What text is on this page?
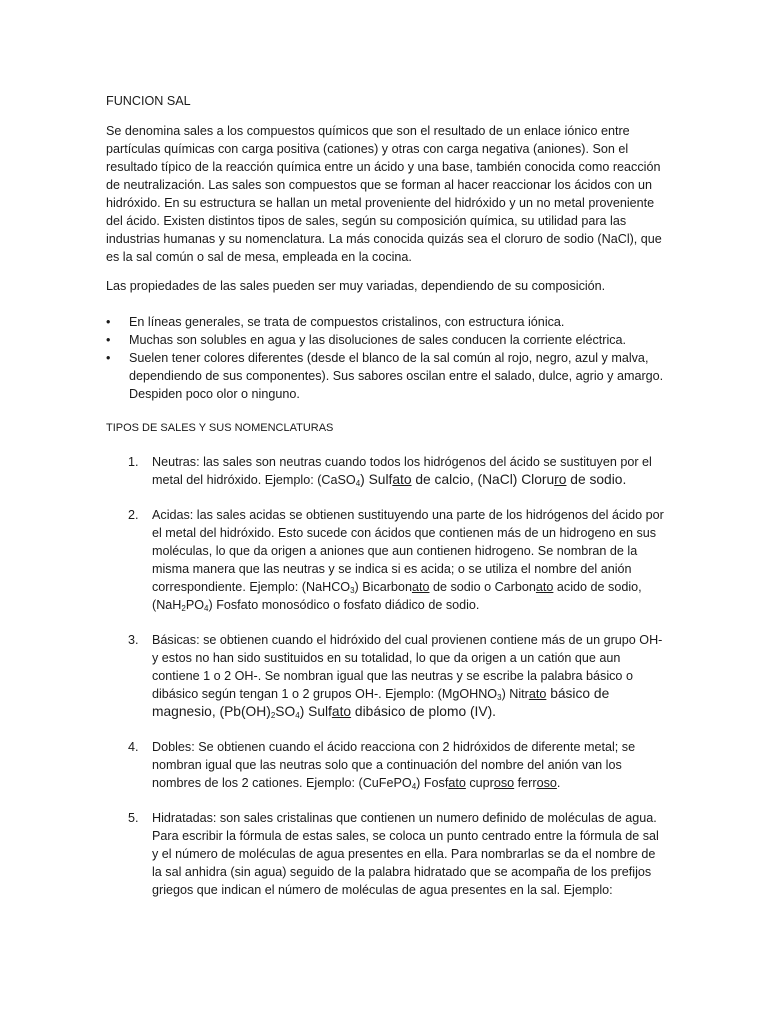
FUNCION SAL

Se denomina sales a los compuestos químicos que son el resultado de un enlace iónico entre partículas químicas con carga positiva (cationes) y otras con carga negativa (aniones). Son el resultado típico de la reacción química entre un ácido y una base, también conocida como reacción de neutralización. Las sales son compuestos que se forman al hacer reaccionar los ácidos con un hidróxido. En su estructura se hallan un metal proveniente del hidróxido y un no metal proveniente del ácido. Existen distintos tipos de sales, según su composición química, su utilidad para las industrias humanas y su nomenclatura. La más conocida quizás sea el cloruro de sodio (NaCl), que es la sal común o sal de mesa, empleada en la cocina.

Las propiedades de las sales pueden ser muy variadas, dependiendo de su composición.

• En líneas generales, se trata de compuestos cristalinos, con estructura iónica.
• Muchas son solubles en agua y las disoluciones de sales conducen la corriente eléctrica.
• Suelen tener colores diferentes (desde el blanco de la sal común al rojo, negro, azul y malva, dependiendo de sus componentes). Sus sabores oscilan entre el salado, dulce, agrio y amargo. Despiden poco olor o ninguno.
TIPOS DE SALES Y SUS NOMENCLATURAS
1. Neutras: las sales son neutras cuando todos los hidrógenos del ácido se sustituyen por el metal del hidróxido. Ejemplo: (CaSO$_4$) Sulfato de calcio, (NaCl) Cloruro de sodio.
2. Acidas: las sales acidas se obtienen sustituyendo una parte de los hidrógenos del ácido por el metal del hidróxido. Esto sucede con ácidos que contienen más de un hidrogeno en sus moléculas, lo que da origen a aniones que aun contienen hidrogeno. Se nombran de la misma manera que las neutras y se indica si es acida; o se utiliza el nombre del anión correspondiente. Ejemplo: (NaHCO$_3$) Bicarbonato de sodio o Carbonato acido de sodio, $(NaH_2PO_4)$ Fosfato monosódico o fosfato diádico de sodio.
3. Básicas: se obtienen cuando el hidróxido del cual provienen contiene más de un grupo OH- y estos no han sido sustituidos en su totalidad, lo que da origen a un catión que aun contiene 1 o 2 OH-. Se nombran igual que las neutras y se escribe la palabra básico o dibásico según tengan 1 o 2 grupos OH-. Ejemplo: (MgOHNO$_3$) Nitrato básico de magnesio, $(Pb(OH)_2SO_4)$ Sulfato dibásico de plomo (IV).
4. Dobles: Se obtienen cuando el ácido reacciona con 2 hidróxidos de diferente metal; se nombran igual que las neutras solo que a continuación del nombre del anión van los nombres de los 2 cationes. Ejemplo: (CuFePO$_4$) Fosfato cuproso ferroso.
5. Hidratadas: son sales cristalinas que contienen un numero definido de moléculas de agua. Para escribir la fórmula de estas sales, se coloca un punto centrado entre la fórmula de sal y el número de moléculas de agua presentes en ella. Para nombrarlas se da el nombre de la sal anhidra (sin agua) seguido de la palabra hidratado que se acompaña de los prefijos griegos que indican el número de moléculas de agua presentes en la sal. Ejemplo:
